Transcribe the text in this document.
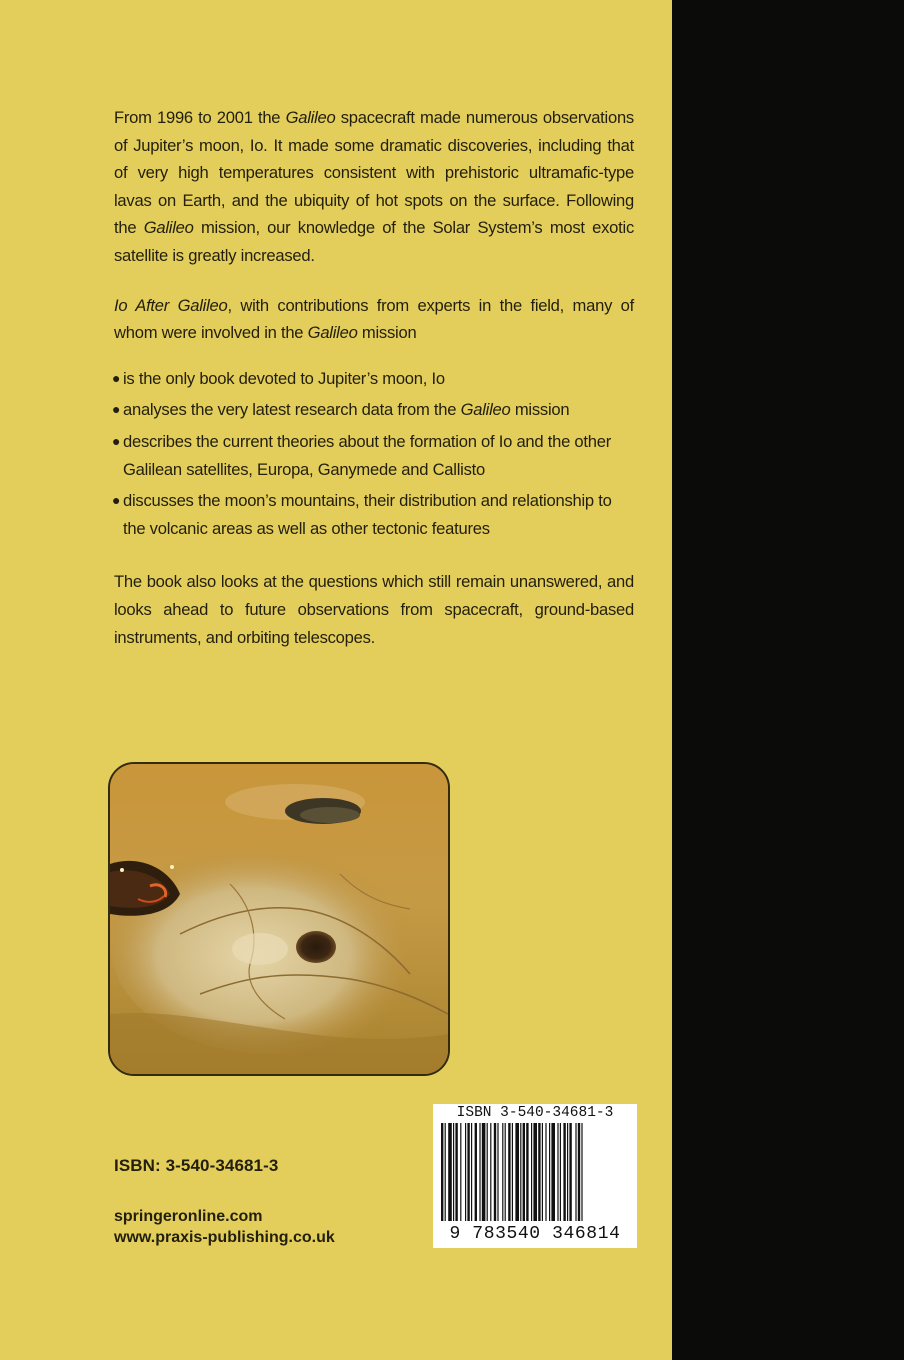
From 1996 to 2001 the Galileo spacecraft made numerous observations of Jupiter’s moon, Io. It made some dramatic discoveries, including that of very high temperatures consistent with prehistoric ultramafic-type lavas on Earth, and the ubiquity of hot spots on the surface. Following the Galileo mission, our knowledge of the Solar System’s most exotic satellite is greatly increased.

Io After Galileo, with contributions from experts in the field, many of whom were involved in the Galileo mission

● is the only book devoted to Jupiter’s moon, Io
● analyses the very latest research data from the Galileo mission
● describes the current theories about the formation of Io and the other Galilean satellites, Europa, Ganymede and Callisto
● discusses the moon’s mountains, their distribution and relationship to the volcanic areas as well as other tectonic features

The book also looks at the questions which still remain unanswered, and looks ahead to future observations from spacecraft, ground-based instruments, and orbiting telescopes.

ISBN: 3-540-34681-3
springeronline.com
www.praxis-publishing.co.uk
ISBN 3-540-34681-3
9 783540 346814
